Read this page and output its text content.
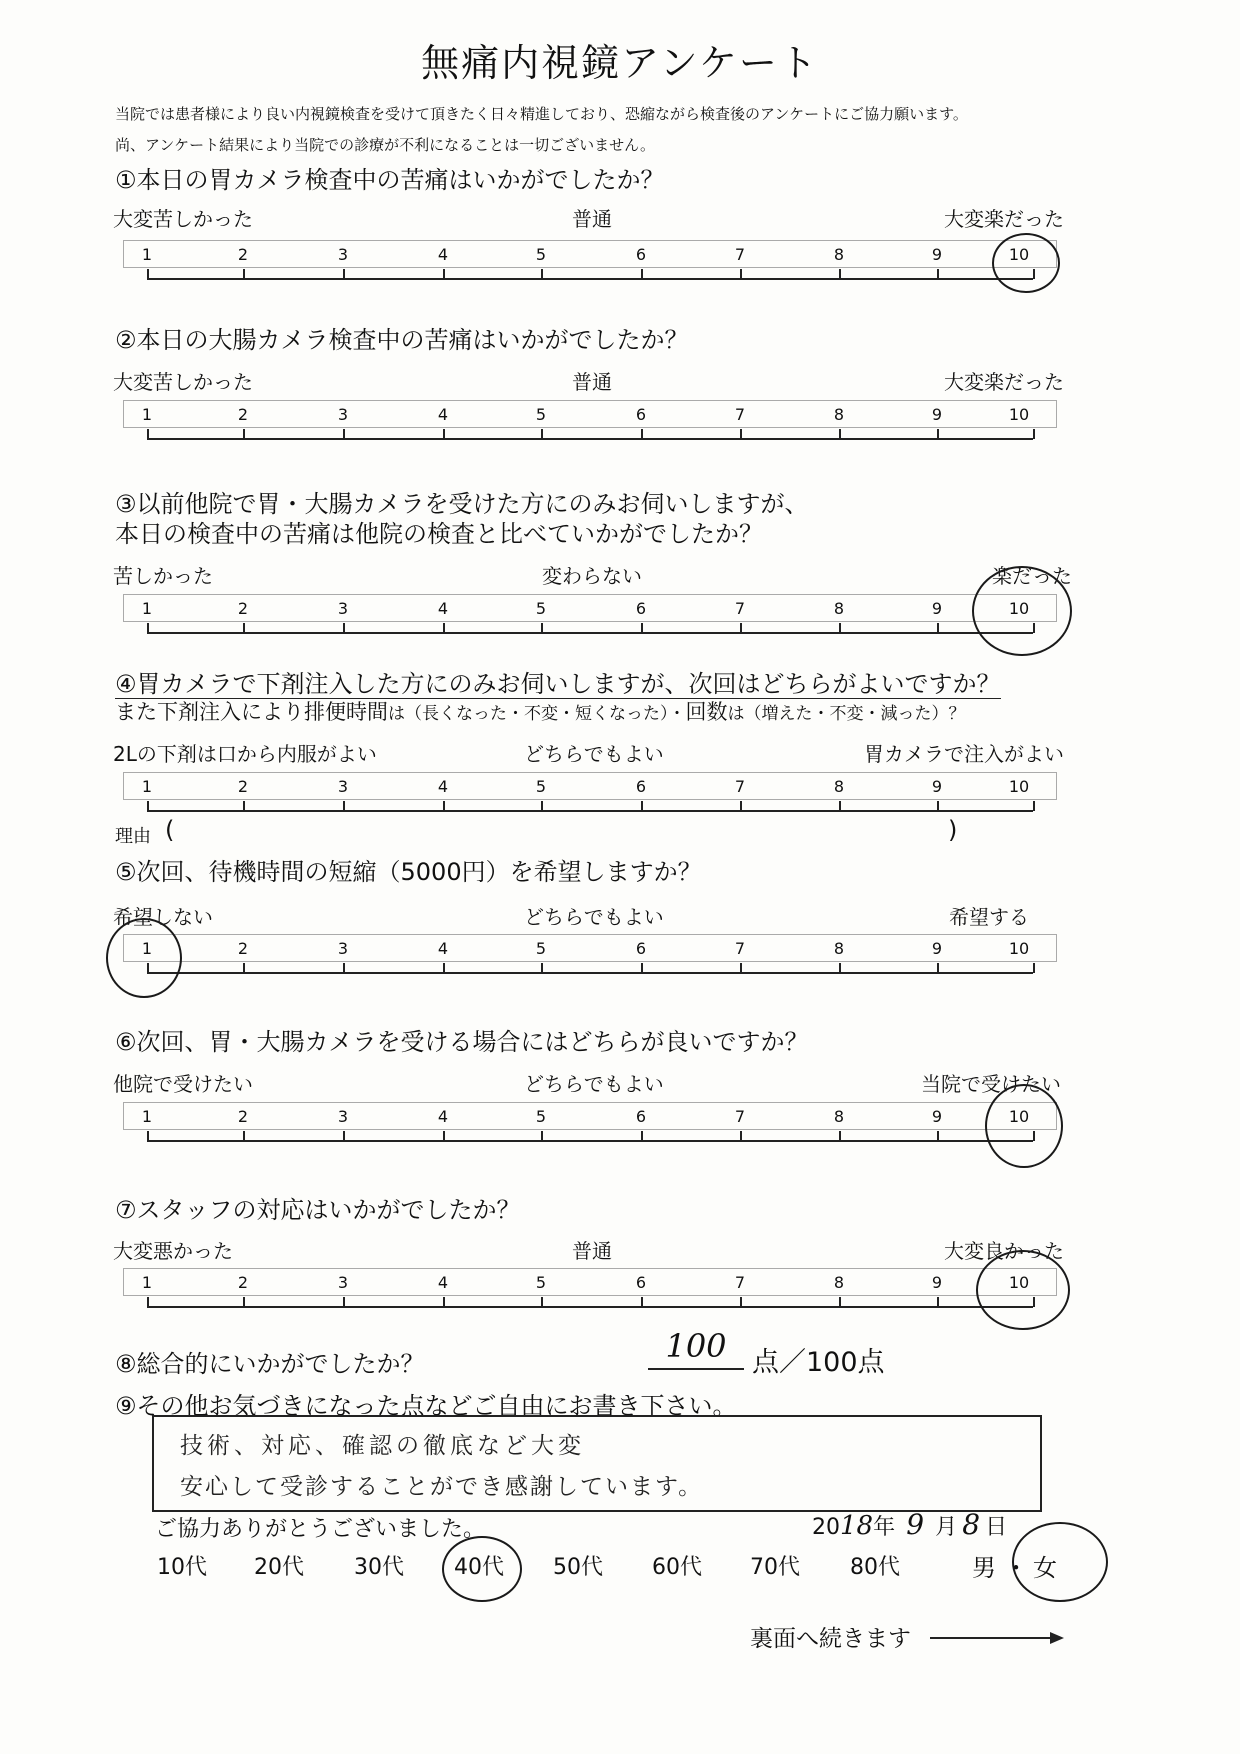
無痛内視鏡アンケート
当院では患者様により良い内視鏡検査を受けて頂きたく日々精進しており、恐縮ながら検査後のアンケートにご協力願います。
尚、アンケート結果により当院での診療が不利になることは一切ございません。
①本日の胃カメラ検査中の苦痛はいかがでしたか？
大変苦しかった	普通	大変楽だった
1	2	3	4	5	6	7	8	9	10
②本日の大腸カメラ検査中の苦痛はいかがでしたか？
大変苦しかった	普通	大変楽だった
1	2	3	4	5	6	7	8	9	10
③以前他院で胃・大腸カメラを受けた方にのみお伺いしますが、
本日の検査中の苦痛は他院の検査と比べていかがでしたか？
苦しかった	変わらない	楽だった
1	2	3	4	5	6	7	8	9	10
④胃カメラで下剤注入した方にのみお伺いしますが、次回はどちらがよいですか？
また下剤注入により排便時間は（長くなった・不変・短くなった）・回数は（増えた・不変・減った）？
2Lの下剤は口から内服がよい	どちらでもよい	胃カメラで注入がよい
1	2	3	4	5	6	7	8	9	10
理由 (	)
⑤次回、待機時間の短縮（5000円）を希望しますか？
希望しない	どちらでもよい	希望する
1	2	3	4	5	6	7	8	9	10
⑥次回、胃・大腸カメラを受ける場合にはどちらが良いですか？
他院で受けたい	どちらでもよい	当院で受けたい
1	2	3	4	5	6	7	8	9	10
⑦スタッフの対応はいかがでしたか？
大変悪かった	普通	大変良かった
1	2	3	4	5	6	7	8	9	10
⑧総合的にいかがでしたか？	100 点／100点
⑨その他お気づきになった点などご自由にお書き下さい。
技術、対応、確認の徹底など大変
安心して受診することができ感謝しています。
ご協力ありがとうございました。	2018年 9 月 8 日
10代 20代 30代 40代 50代 60代 70代 80代	男 ・ 女
裏面へ続きます
